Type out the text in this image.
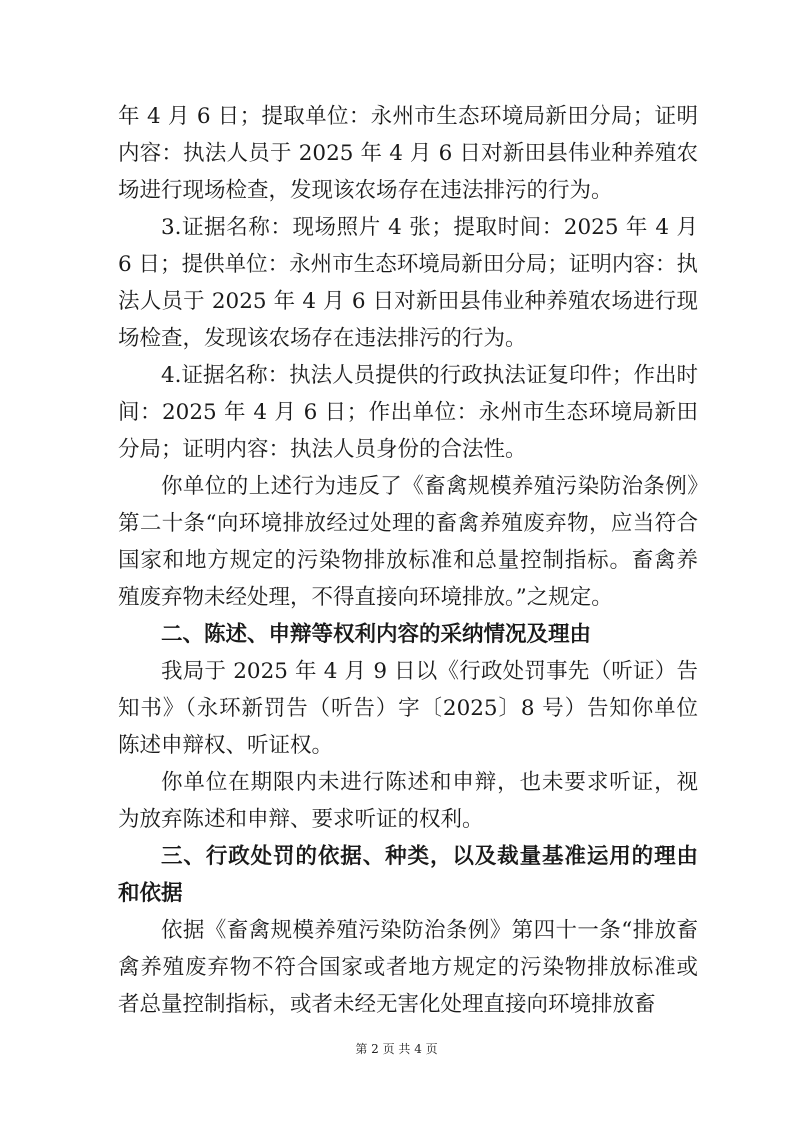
年 4 月 6 日；提取单位：永州市生态环境局新田分局；证明内容：执法人员于 2025 年 4 月 6 日对新田县伟业种养殖农场进行现场检查，发现该农场存在违法排污的行为。

3.证据名称：现场照片 4 张；提取时间：2025 年 4 月 6 日；提供单位：永州市生态环境局新田分局；证明内容：执法人员于 2025 年 4 月 6 日对新田县伟业种养殖农场进行现场检查，发现该农场存在违法排污的行为。

4.证据名称：执法人员提供的行政执法证复印件；作出时间：2025 年 4 月 6 日；作出单位：永州市生态环境局新田分局；证明内容：执法人员身份的合法性。

你单位的上述行为违反了《畜禽规模养殖污染防治条例》第二十条“向环境排放经过处理的畜禽养殖废弃物，应当符合国家和地方规定的污染物排放标准和总量控制指标。畜禽养殖废弃物未经处理，不得直接向环境排放。”之规定。

二、陈述、申辩等权利内容的采纳情况及理由

我局于 2025 年 4 月 9 日以《行政处罚事先（听证）告知书》（永环新罚告（听告）字〔2025〕8 号）告知你单位陈述申辩权、听证权。

你单位在期限内未进行陈述和申辩，也未要求听证，视为放弃陈述和申辩、要求听证的权利。

三、行政处罚的依据、种类，以及裁量基准运用的理由和依据

依据《畜禽规模养殖污染防治条例》第四十一条“排放畜禽养殖废弃物不符合国家或者地方规定的污染物排放标准或者总量控制指标，或者未经无害化处理直接向环境排放畜

第 2 页 共 4 页
